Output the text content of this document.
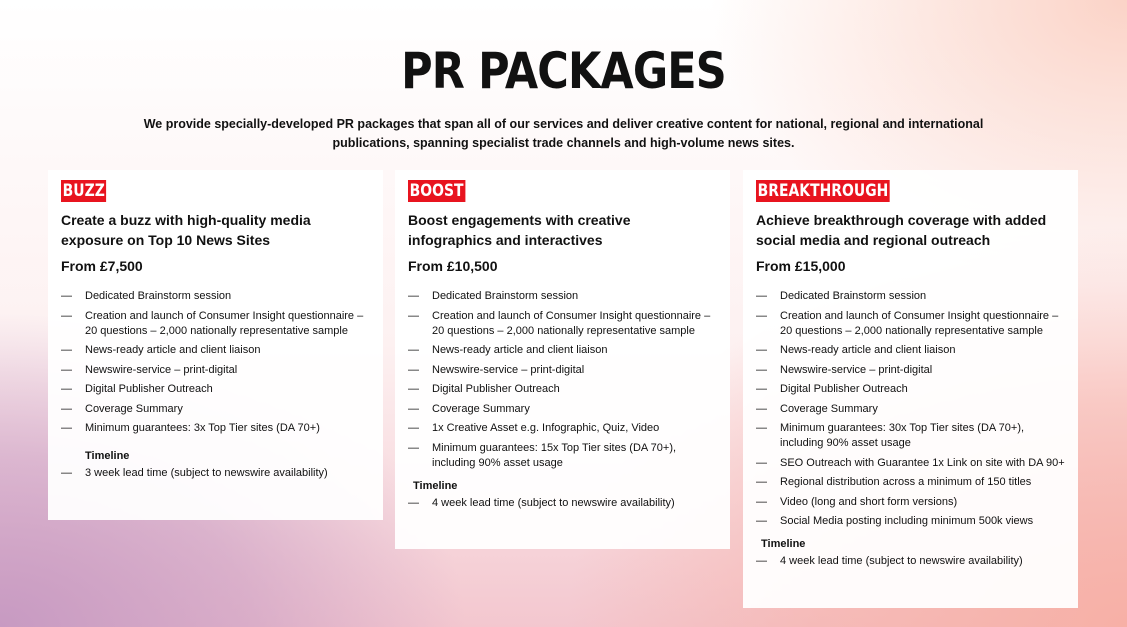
PR PACKAGES

We provide specially-developed PR packages that span all of our services and deliver creative content for national, regional and international publications, spanning specialist trade channels and high-volume news sites.

BUZZ
Create a buzz with high-quality media exposure on Top 10 News Sites
From £7,500
— Dedicated Brainstorm session
— Creation and launch of Consumer Insight questionnaire – 20 questions – 2,000 nationally representative sample
— News-ready article and client liaison
— Newswire-service – print-digital
— Digital Publisher Outreach
— Coverage Summary
— Minimum guarantees: 3x Top Tier sites (DA 70+)
Timeline
— 3 week lead time (subject to newswire availability)
BOOST
Boost engagements with creative infographics and interactives
From £10,500
— Dedicated Brainstorm session
— Creation and launch of Consumer Insight questionnaire – 20 questions – 2,000 nationally representative sample
— News-ready article and client liaison
— Newswire-service – print-digital
— Digital Publisher Outreach
— Coverage Summary
— 1x Creative Asset e.g. Infographic, Quiz, Video
— Minimum guarantees: 15x Top Tier sites (DA 70+), including 90% asset usage
Timeline
— 4 week lead time (subject to newswire availability)
BREAKTHROUGH
Achieve breakthrough coverage with added social media and regional outreach
From £15,000
— Dedicated Brainstorm session
— Creation and launch of Consumer Insight questionnaire – 20 questions – 2,000 nationally representative sample
— News-ready article and client liaison
— Newswire-service – print-digital
— Digital Publisher Outreach
— Coverage Summary
— Minimum guarantees: 30x Top Tier sites (DA 70+), including 90% asset usage
— SEO Outreach with Guarantee 1x Link on site with DA 90+
— Regional distribution across a minimum of 150 titles
— Video (long and short form versions)
— Social Media posting including minimum 500k views
Timeline
— 4 week lead time (subject to newswire availability)
